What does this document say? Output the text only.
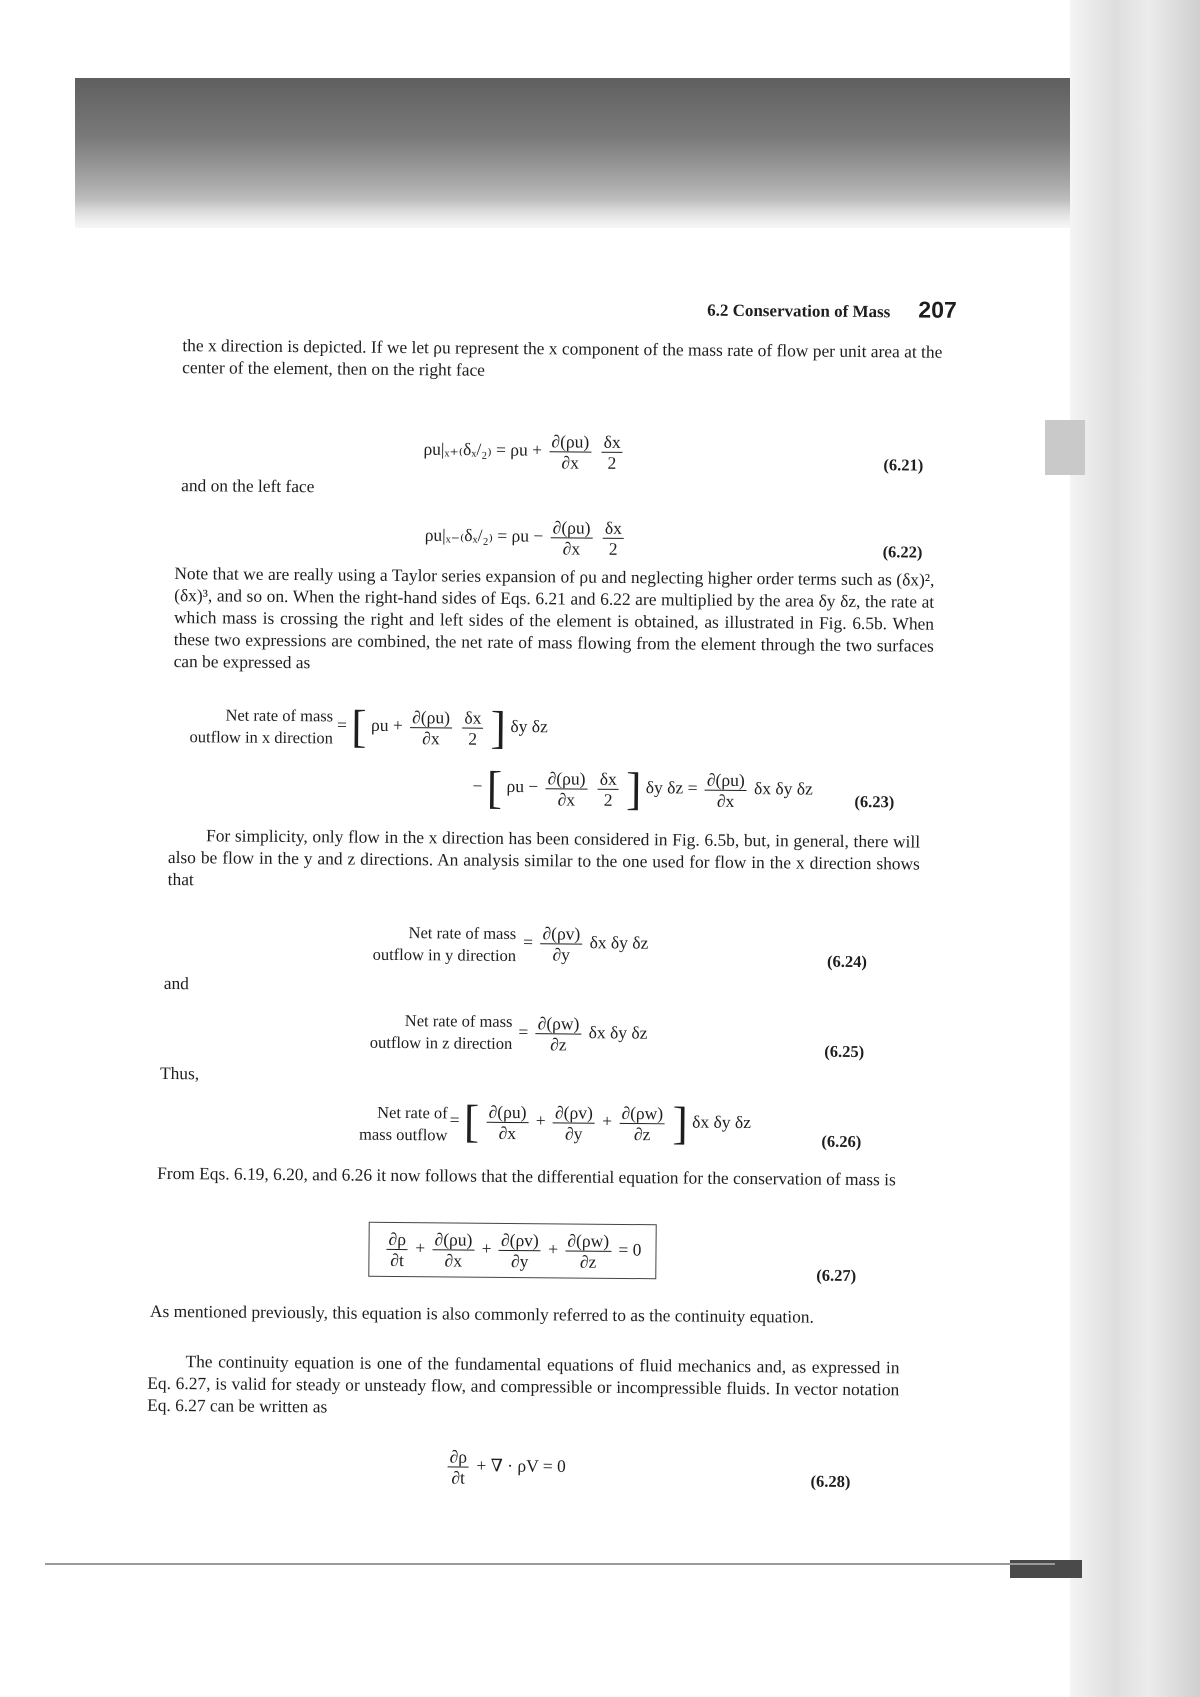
6.2 Conservation of Mass 207

the x direction is depicted. If we let ρu represent the x component of the mass rate of flow per unit area at the center of the element, then on the right face

$\rho u|_{x+(}\delta_x/_{2)} = \rho u + \frac{\partial(\rho u)}{\partial x}$
$\frac{\delta x}{2}$	(6.21)

and on the left face

$\rho u|_{x-(}\delta_x/_{2)} = \rho u - \frac{\partial(\rho u)}{\partial x}$
$\frac{\delta x}{2}$	(6.22)

Note that we are really using a Taylor series expansion of ρu and neglecting higher order terms such as (δx)², (δx)³, and so on. When the right-hand sides of Eqs. 6.21 and 6.22 are multiplied by the area δy δz, the rate at which mass is crossing the right and left sides of the element is obtained, as illustrated in Fig. 6.5b. When these two expressions are combined, the net rate of mass flowing from the element through the two surfaces can be expressed as

Net rate of mass
outflow in x direction
= [ $\rho u + \frac{\partial(\rho u)}{\partial x}$
$\frac{\delta x}{2}$ ] δy δz
− [ $\rho u - \frac{\partial(\rho u)}{\partial x}$
$\frac{\delta x}{2}$ ] δy $\delta z = \frac{\partial(\rho u)}{\partial x}$ δx δy δz
(6.23)

For simplicity, only flow in the x direction has been considered in Fig. 6.5b, but, in general, there will also be flow in the y and z directions. An analysis similar to the one used for flow in the x direction shows that

Net rate of mass
outflow in y direction
= $\frac{\partial(\rho v)}{\partial y}$ δx δy δz
(6.24)

and

Net rate of mass
outflow in z direction
= $\frac{\partial(\rho w)}{\partial z}$ δx δy δz
(6.25)

Thus,

Net rate of
mass outflow
= [ $\frac{\partial(\rho u)}{\partial x} + \frac{\partial(\rho v)}{\partial y} + \frac{\partial(\rho w)}{\partial z}$ ] δx δy δz
(6.26)

From Eqs. 6.19, 6.20, and 6.26 it now follows that the differential equation for the conservation of mass is

$\frac{\partial\rho}{\partial t} + \frac{\partial(\rho u)}{\partial x} + \frac{\partial(\rho v)}{\partial y} + \frac{\partial(\rho w)}{\partial z} = 0$
(6.27)

As mentioned previously, this equation is also commonly referred to as the continuity equation.

The continuity equation is one of the fundamental equations of fluid mechanics and, as expressed in Eq. 6.27, is valid for steady or unsteady flow, and compressible or incompressible fluids. In vector notation Eq. 6.27 can be written as

$\frac{\partial\rho}{\partial t}$ + ∇ · ρV = 0
(6.28)
